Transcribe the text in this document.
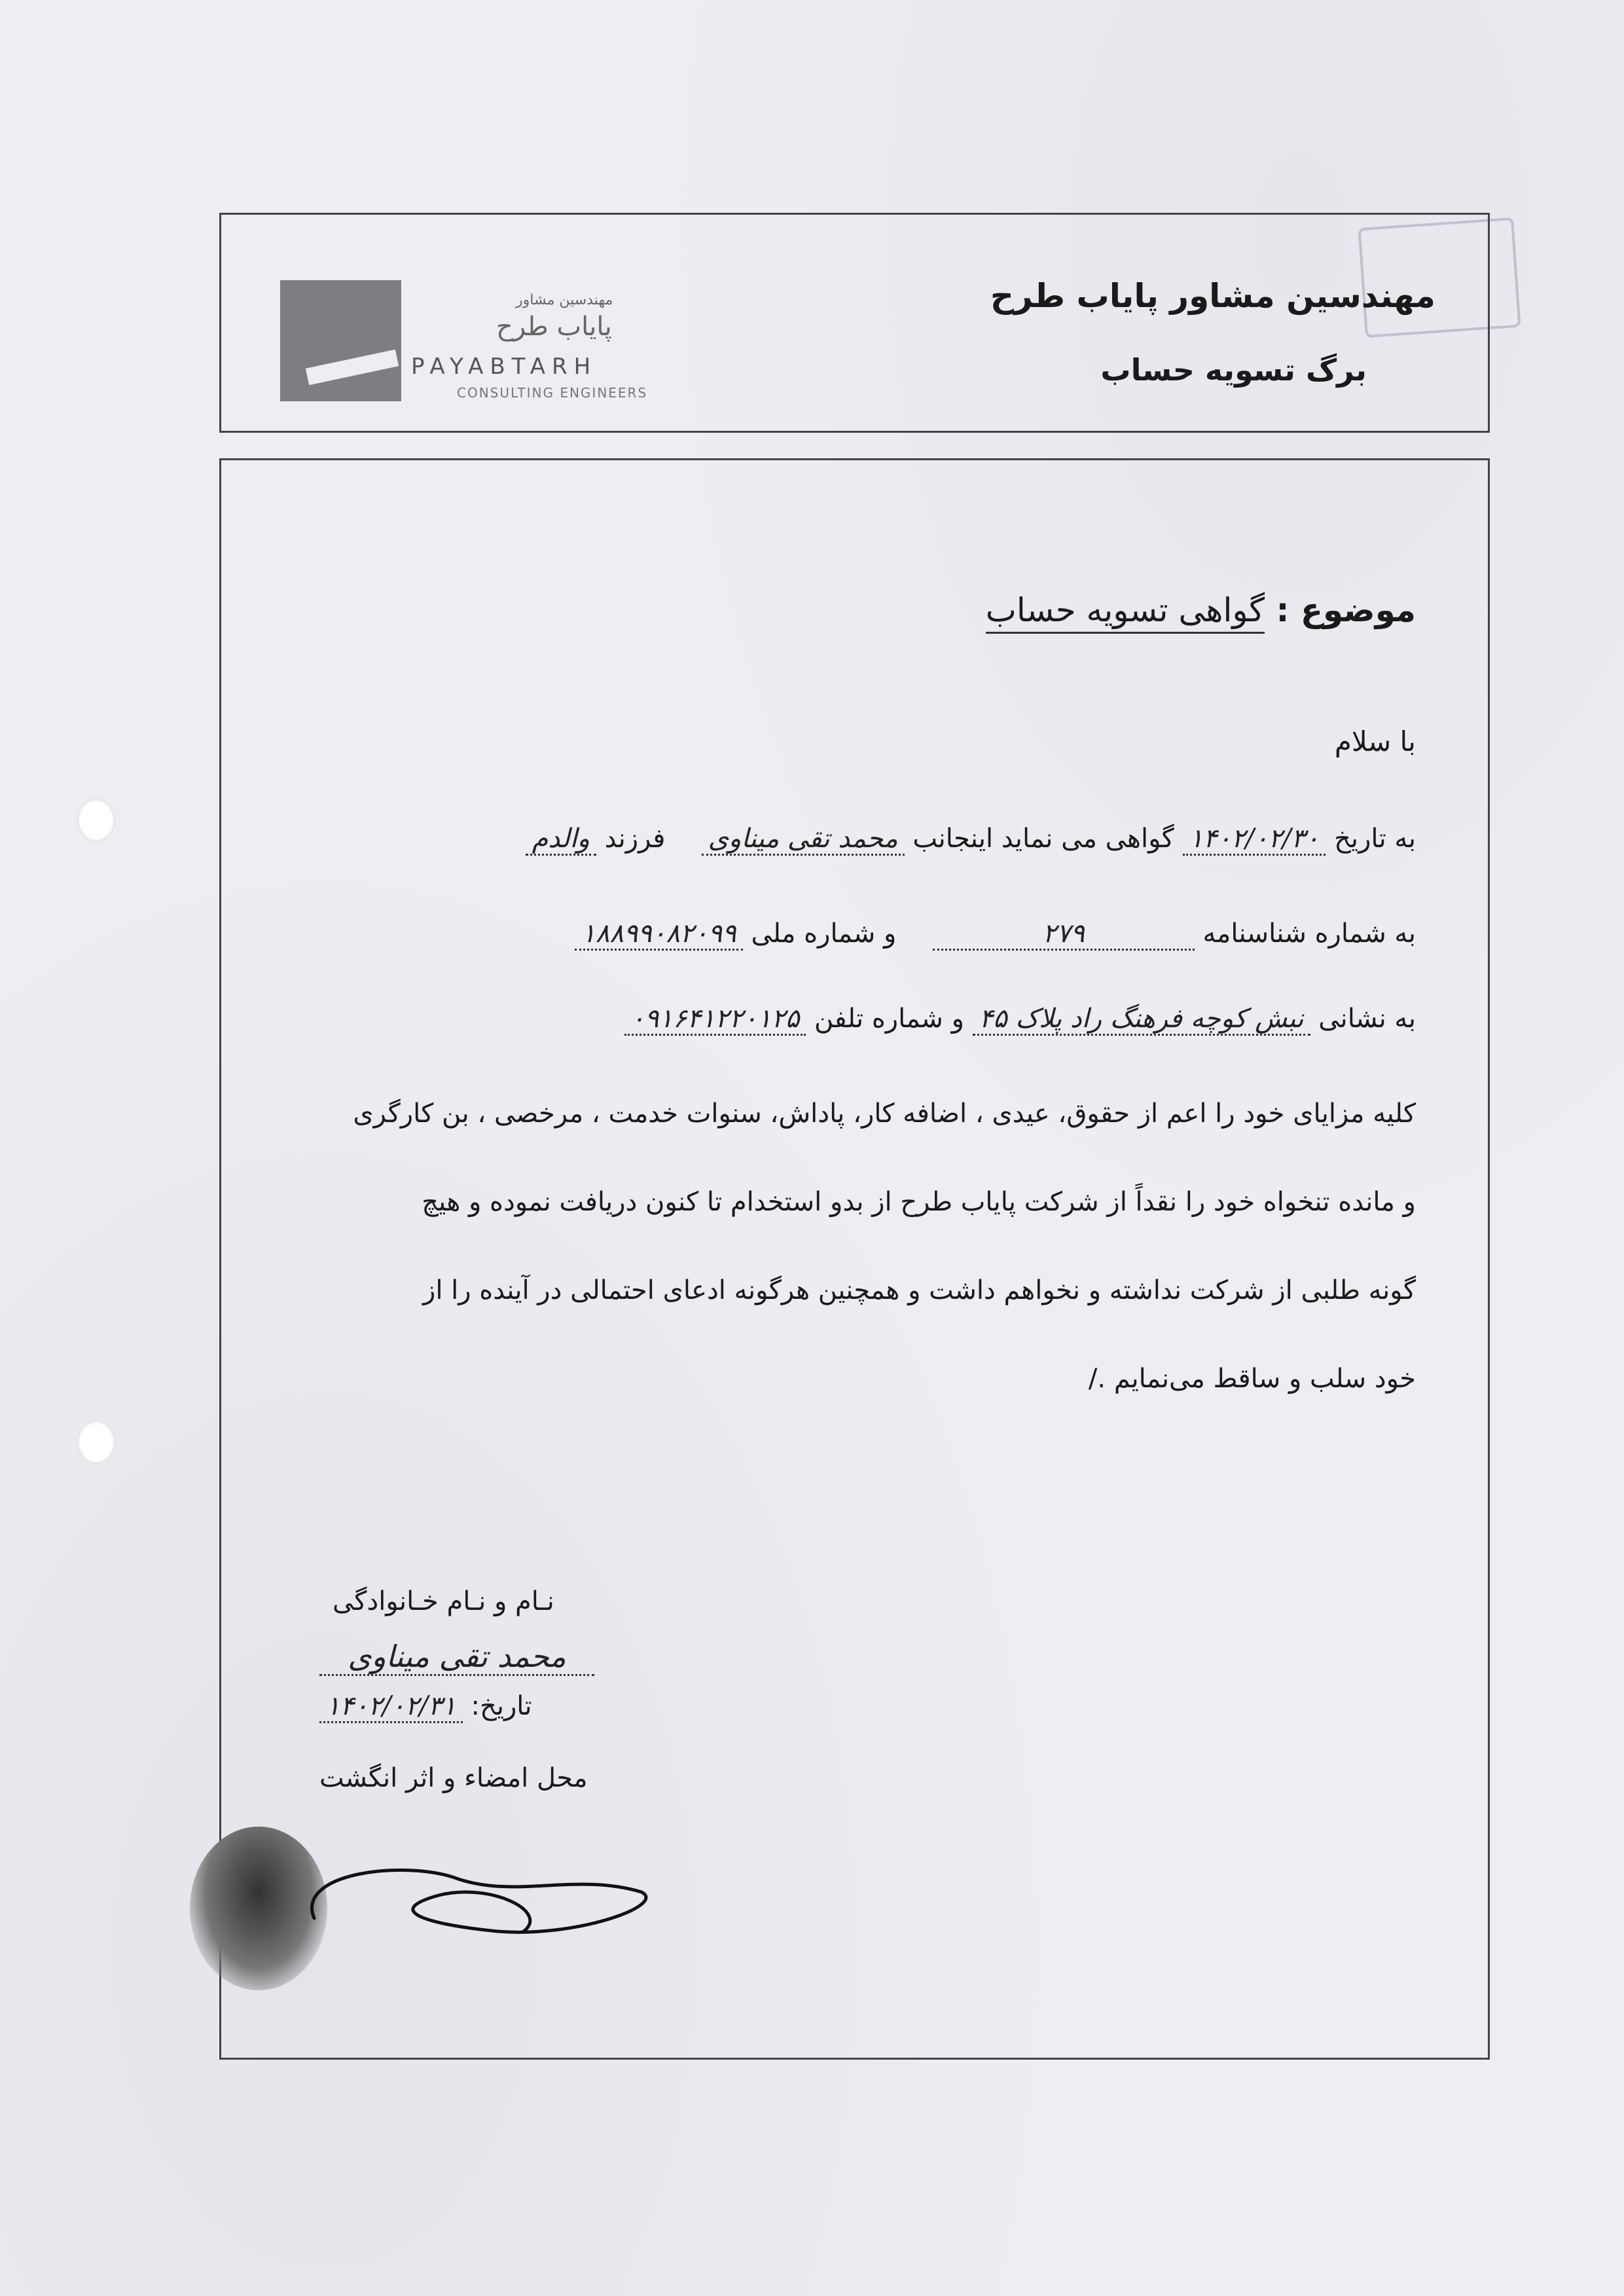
مهندسین مشاور پایاب طرح
برگ تسویه حساب
مهندسین مشاور
پایاب طرح
PAYABTARH
CONSULTING ENGINEERS
موضوع : گواهی تسویه حساب
با سلام
به تاریخ ۱۴۰۲/۰۲/۳۰ گواهی می نماید اینجانب محمد تقی میناوی  فرزند والدم
به شماره شناسنامه ۲۷۹  و شماره ملی ۱۸۸۹۹۰۸۲۰۹۹
به نشانی نبش کوچه فرهنگ راد پلاک ۴۵ و شماره تلفن ۰۹۱۶۴۱۲۲۰۱۲۵
کلیه مزایای خود را اعم از حقوق، عیدی ، اضافه کار، پاداش، سنوات خدمت ، مرخصی ، بن کارگری
و مانده تنخواه خود را نقداً از شرکت پایاب طرح از بدو استخدام تا کنون دریافت نموده و هیچ
گونه طلبی از شرکت نداشته و نخواهم داشت و همچنین هرگونه ادعای احتمالی در آینده را از
خود سلب و ساقط می‌نمایم ./
نـام و نـام خـانوادگی
محمد تقی میناوی
تاریخ: ۱۴۰۲/۰۲/۳۱
محل امضاء و اثر انگشت
